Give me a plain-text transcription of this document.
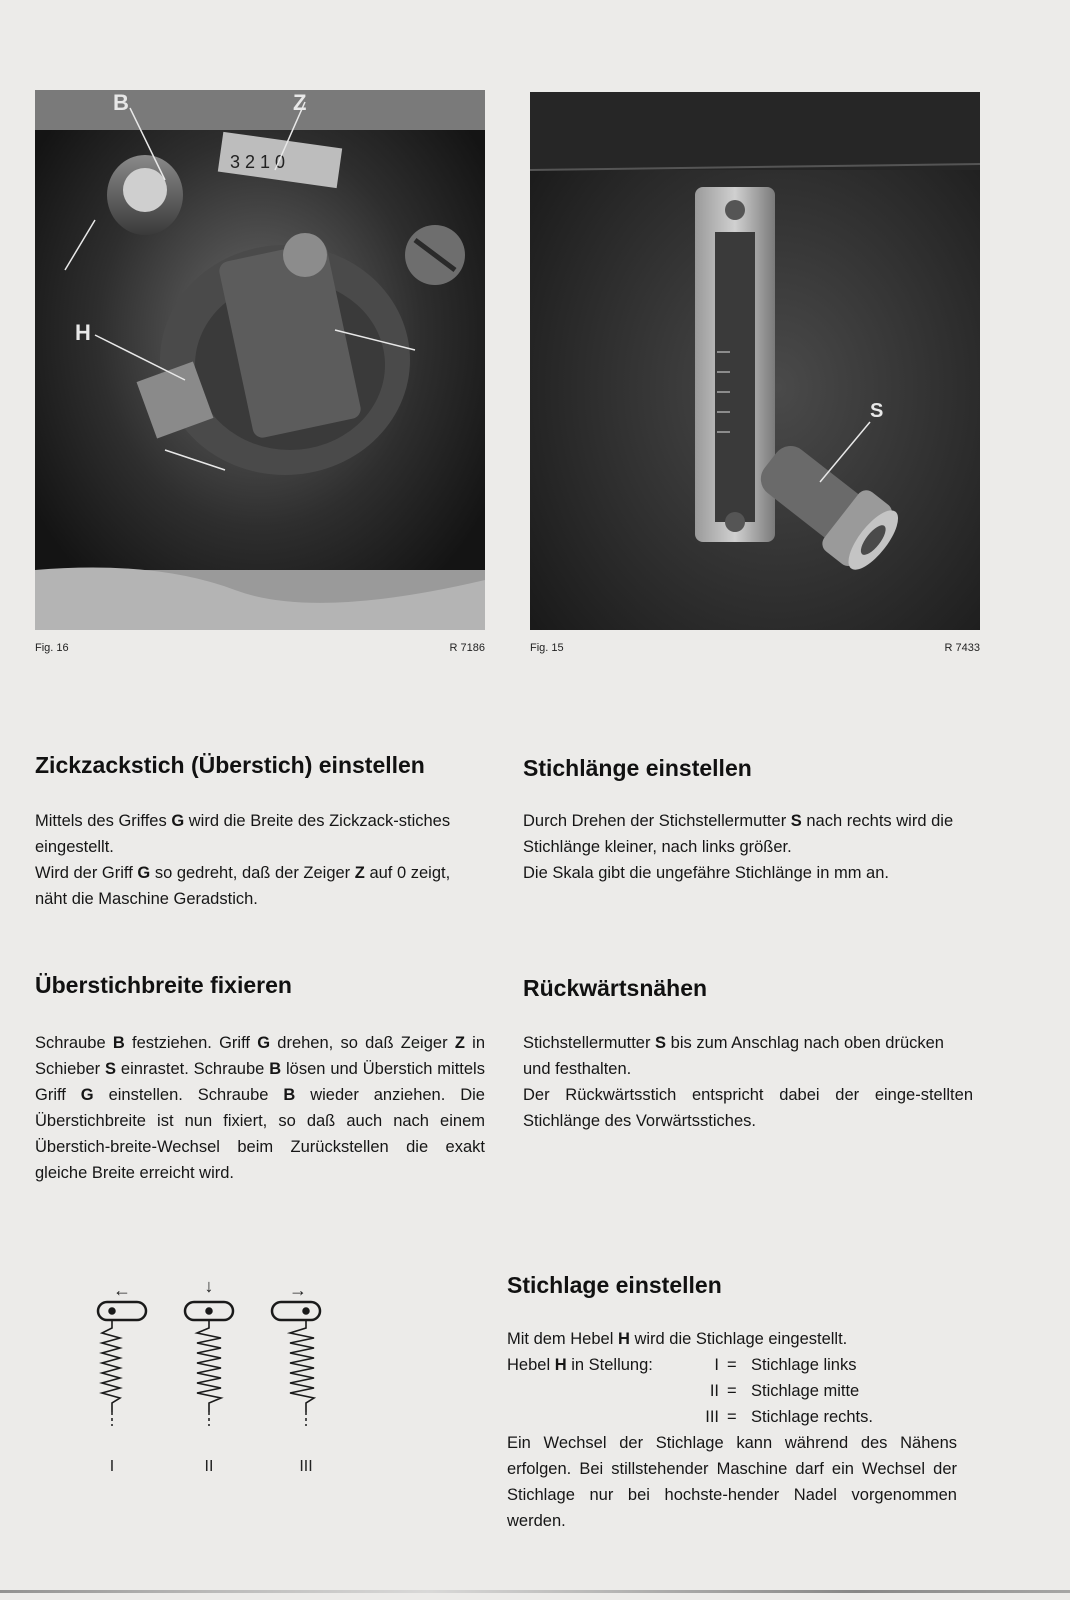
3 2 1 0
B	Z
H
Fig. 16	R 7186
S
Fig. 15	R 7433
Zickzackstich (Überstich) einstellen

Mittels des Griffes G wird die Breite des Zickzack-stiches eingestellt.

Wird der Griff G so gedreht, daß der Zeiger Z auf 0 zeigt, näht die Maschine Geradstich.

Stichlänge einstellen

Durch Drehen der Stichstellermutter S nach rechts wird die Stichlänge kleiner, nach links größer.

Die Skala gibt die ungefähre Stichlänge in mm an.

Überstichbreite fixieren

Schraube B festziehen. Griff G drehen, so daß Zeiger Z in Schieber S einrastet. Schraube B lösen und Überstich mittels Griff G einstellen. Schraube B wieder anziehen. Die Überstichbreite ist nun fixiert, so daß auch nach einem Überstich-breite-Wechsel beim Zurückstellen die exakt gleiche Breite erreicht wird.

Rückwärtsnähen

Stichstellermutter S bis zum Anschlag nach oben drücken und festhalten.

Der Rückwärtsstich entspricht dabei der einge-stellten Stichlänge des Vorwärtsstiches.

←	↓	→
I	II	III
Stichlage einstellen

Mit dem Hebel H wird die Stichlage eingestellt.

Hebel H in Stellung:	I	=	Stichlage links
	II	=	Stichlage mitte
	III	=	Stichlage rechts.

Ein Wechsel der Stichlage kann während des Nähens erfolgen. Bei stillstehender Maschine darf ein Wechsel der Stichlage nur bei hochste-hender Nadel vorgenommen werden.
